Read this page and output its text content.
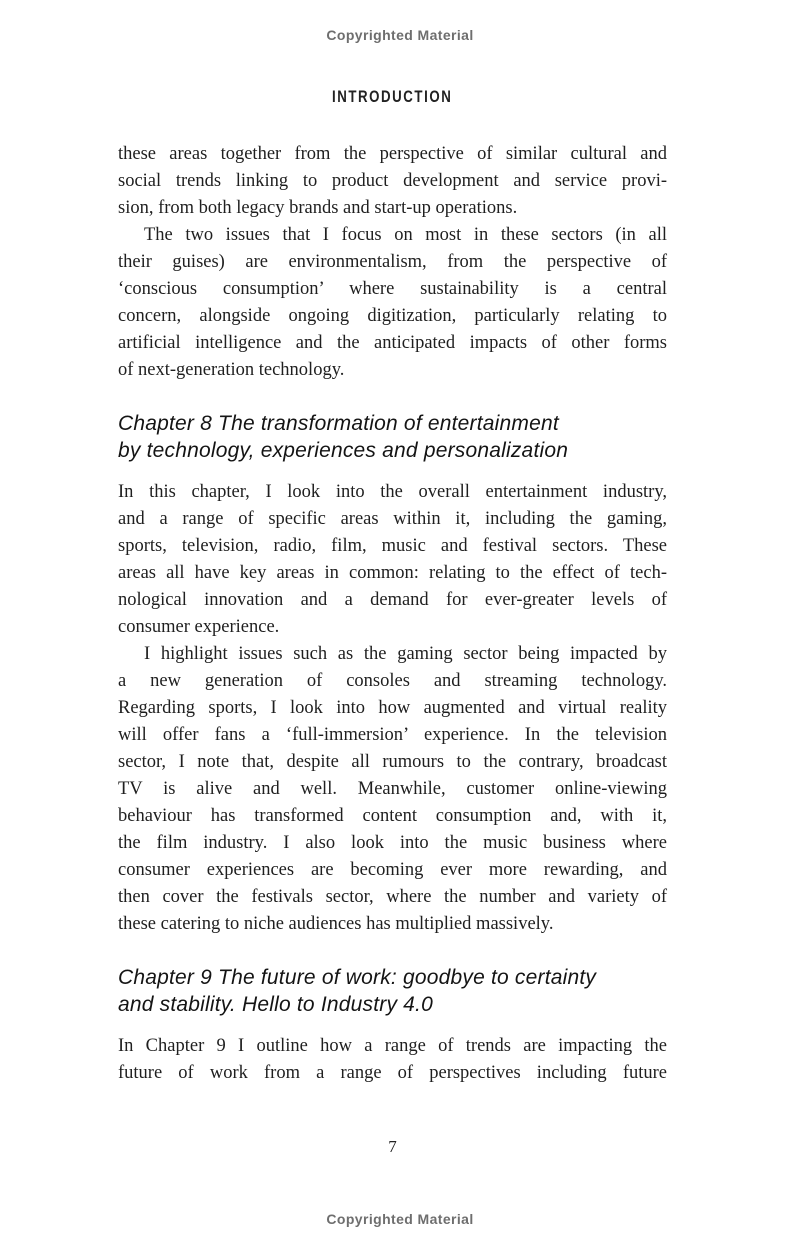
Copyrighted Material
INTRODUCTION
these areas together from the perspective of similar cultural and
social trends linking to product development and service provi-
sion, from both legacy brands and start-up operations.
The two issues that I focus on most in these sectors (in all
their guises) are environmentalism, from the perspective of
‘conscious consumption’ where sustainability is a central
concern, alongside ongoing digitization, particularly relating to
artificial intelligence and the anticipated impacts of other forms
of next-generation technology.
Chapter 8 The transformation of entertainment
by technology, experiences and personalization
In this chapter, I look into the overall entertainment industry,
and a range of specific areas within it, including the gaming,
sports, television, radio, film, music and festival sectors. These
areas all have key areas in common: relating to the effect of tech-
nological innovation and a demand for ever-greater levels of
consumer experience.
I highlight issues such as the gaming sector being impacted by
a new generation of consoles and streaming technology.
Regarding sports, I look into how augmented and virtual reality
will offer fans a ‘full-immersion’ experience. In the television
sector, I note that, despite all rumours to the contrary, broadcast
TV is alive and well. Meanwhile, customer online-viewing
behaviour has transformed content consumption and, with it,
the film industry. I also look into the music business where
consumer experiences are becoming ever more rewarding, and
then cover the festivals sector, where the number and variety of
these catering to niche audiences has multiplied massively.
Chapter 9 The future of work: goodbye to certainty
and stability. Hello to Industry 4.0
In Chapter 9 I outline how a range of trends are impacting the
future of work from a range of perspectives including future
7
Copyrighted Material
